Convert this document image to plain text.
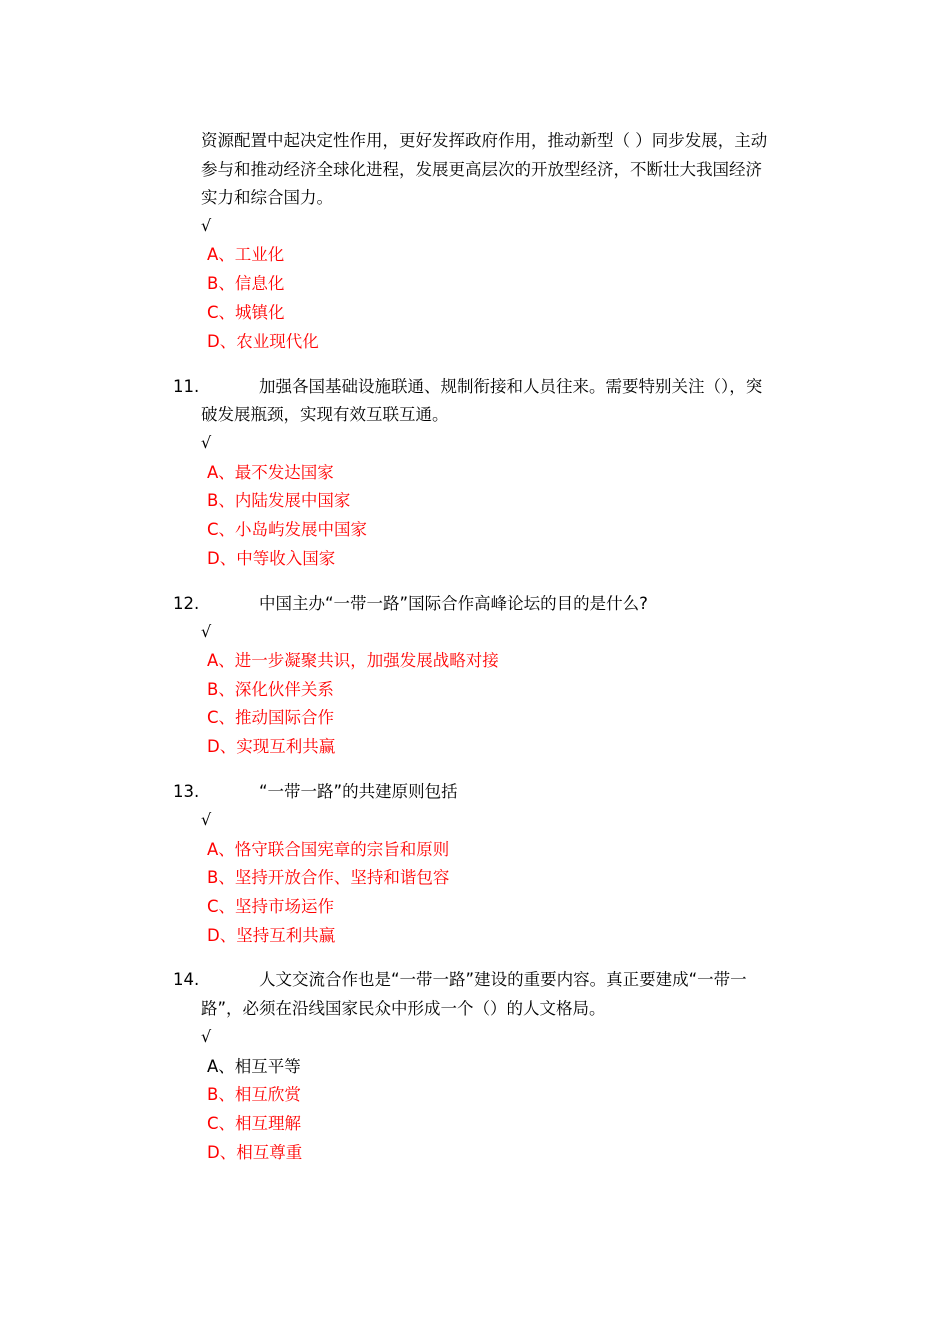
资源配置中起决定性作用，更好发挥政府作用，推动新型（ ）同步发展，主动
参与和推动经济全球化进程，发展更高层次的开放型经济，不断壮大我国经济
实力和综合国力。
√
A、工业化
B、信息化
C、城镇化
D、农业现代化
11.	加强各国基础设施联通、规制衔接和人员往来。需要特别关注（），突
破发展瓶颈，实现有效互联互通。
√
A、最不发达国家
B、内陆发展中国家
C、小岛屿发展中国家
D、中等收入国家
12.	中国主办“一带一路”国际合作高峰论坛的目的是什么?
√
A、进一步凝聚共识，加强发展战略对接
B、深化伙伴关系
C、推动国际合作
D、实现互利共赢
13.	“一带一路”的共建原则包括
√
A、恪守联合国宪章的宗旨和原则
B、坚持开放合作、坚持和谐包容
C、坚持市场运作
D、坚持互利共赢
14.	人文交流合作也是“一带一路”建设的重要内容。真正要建成“一带一
路”，必须在沿线国家民众中形成一个（）的人文格局。
√
A、相互平等
B、相互欣赏
C、相互理解
D、相互尊重
